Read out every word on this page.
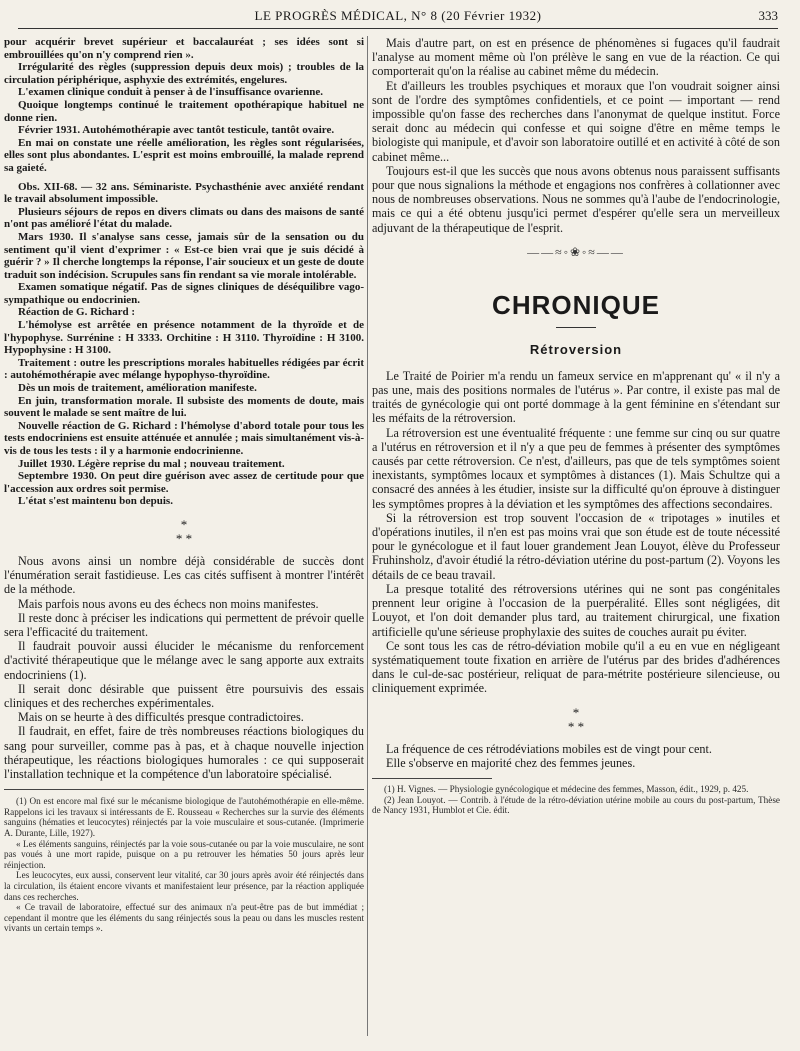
LE PROGRÈS MÉDICAL, N° 8 (20 Février 1932)	333

pour acquérir brevet supérieur et baccalauréat ; ses idées sont si embrouillées qu'on n'y comprend rien ».

Irrégularité des règles (suppression depuis deux mois) ; troubles de la circulation périphérique, asphyxie des extrémités, engelures.

L'examen clinique conduit à penser à de l'insuffisance ovarienne.

Quoique longtemps continué le traitement opothérapique habituel ne donne rien.

Février 1931. Autohémothérapie avec tantôt testicule, tantôt ovaire.

En mai on constate une réelle amélioration, les règles sont régularisées, elles sont plus abondantes. L'esprit est moins embrouillé, la malade reprend sa gaieté.

Obs. XII-68. — 32 ans. Séminariste. Psychasthénie avec anxiété rendant le travail absolument impossible.

Plusieurs séjours de repos en divers climats ou dans des maisons de santé n'ont pas amélioré l'état du malade.

Mars 1930. Il s'analyse sans cesse, jamais sûr de la sensation ou du sentiment qu'il vient d'exprimer : « Est-ce bien vrai que je suis décidé à guérir ? » Il cherche longtemps la réponse, l'air soucieux et un geste de doute traduit son indécision. Scrupules sans fin rendant sa vie morale intolérable.

Examen somatique négatif. Pas de signes cliniques de déséquilibre vago-sympathique ou endocrinien.

Réaction de G. Richard :

L'hémolyse est arrêtée en présence notamment de la thyroïde et de l'hypophyse. Surrénine : H 3333. Orchitine : H 3110. Thyroïdine : H 3100. Hypophysine : H 3100.

Traitement : outre les prescriptions morales habituelles rédigées par écrit : autohémothérapie avec mélange hypophyso-thyroïdine.

Dès un mois de traitement, amélioration manifeste.

En juin, transformation morale. Il subsiste des moments de doute, mais souvent le malade se sent maître de lui.

Nouvelle réaction de G. Richard : l'hémolyse d'abord totale pour tous les tests endocriniens est ensuite atténuée et annulée ; mais simultanément vis-à-vis de tous les tests : il y a harmonie endocrinienne.

Juillet 1930. Légère reprise du mal ; nouveau traitement.

Septembre 1930. On peut dire guérison avec assez de certitude pour que l'accession aux ordres soit permise.

L'état s'est maintenu bon depuis.

*
* *

Nous avons ainsi un nombre déjà considérable de succès dont l'énumération serait fastidieuse. Les cas cités suffisent à montrer l'intérêt de la méthode.

Mais parfois nous avons eu des échecs non moins manifestes.

Il reste donc à préciser les indications qui permettent de prévoir quelle sera l'efficacité du traitement.

Il faudrait pouvoir aussi élucider le mécanisme du renforcement d'activité thérapeutique que le mélange avec le sang apporte aux extraits endocriniens (1).

Il serait donc désirable que puissent être poursuivis des essais cliniques et des recherches expérimentales.

Mais on se heurte à des difficultés presque contradictoires.

Il faudrait, en effet, faire de très nombreuses réactions biologiques du sang pour surveiller, comme pas à pas, et à chaque nouvelle injection thérapeutique, les réactions biologiques humorales : ce qui supposerait l'installation technique et la compétence d'un laboratoire spécialisé.

(1) On est encore mal fixé sur le mécanisme biologique de l'autohémothérapie en elle-même. Rappelons ici les travaux si intéressants de E. Rousseau « Recherches sur la survie des éléments sanguins (hématies et leucocytes) réinjectés par la voie musculaire et sous-cutanée. (Imprimerie A. Durante, Lille, 1927).

« Les éléments sanguins, réinjectés par la voie sous-cutanée ou par la voie musculaire, ne sont pas voués à une mort rapide, puisque on a pu retrouver les hématies 50 jours après leur réinjection.

Les leucocytes, eux aussi, conservent leur vitalité, car 30 jours après avoir été réinjectés dans la circulation, ils étaient encore vivants et manifestaient leur présence, par la réaction appliquée dans ces recherches.

« Ce travail de laboratoire, effectué sur des animaux n'a peut-être pas de but immédiat ; cependant il montre que les éléments du sang réinjectés sous la peau ou dans les muscles restent vivants un certain temps ».

Mais d'autre part, on est en présence de phénomènes si fugaces qu'il faudrait l'analyse au moment même où l'on prélève le sang en vue de la réaction. Ce qui comporterait qu'on la réalise au cabinet même du médecin.

Et d'ailleurs les troubles psychiques et moraux que l'on voudrait soigner ainsi sont de l'ordre des symptômes confidentiels, et ce point — important — rend impossible qu'on fasse des recherches dans l'anonymat de quelque institut. Force serait donc au médecin qui confesse et qui soigne d'être en même temps le biologiste qui manipule, et d'avoir son laboratoire outillé et en activité à côté de son cabinet même...

Toujours est-il que les succès que nous avons obtenus nous paraissent suffisants pour que nous signalions la méthode et engagions nos confrères à collationner avec nous de nombreuses observations. Nous ne sommes qu'à l'aube de l'endocrinologie, mais ce qui a été obtenu jusqu'ici permet d'espérer qu'elle sera un merveilleux adjuvant de la thérapeutique de l'esprit.

——≈◦❀◦≈——
CHRONIQUE
Rétroversion

Le Traité de Poirier m'a rendu un fameux service en m'apprenant qu' « il n'y a pas une, mais des positions normales de l'utérus ». Par contre, il existe pas mal de traités de gynécologie qui ont porté dommage à la gent féminine en s'étendant sur les méfaits de la rétroversion.

La rétroversion est une éventualité fréquente : une femme sur cinq ou sur quatre a l'utérus en rétroversion et il n'y a que peu de femmes à présenter des symptômes causés par cette rétroversion. Ce n'est, d'ailleurs, pas que de tels symptômes soient inexistants, symptômes locaux et symptômes à distances (1). Mais Schultze qui a consacré des années à les étudier, insiste sur la difficulté qu'on éprouve à distinguer les symptômes propres à la déviation et les symptômes des affections secondaires.

Si la rétroversion est trop souvent l'occasion de « tripotages » inutiles et d'opérations inutiles, il n'en est pas moins vrai que son étude est de toute nécessité pour le gynécologue et il faut louer grandement Jean Louyot, élève du Professeur Fruhinsholz, d'avoir étudié la rétro-déviation utérine du post-partum (2). Voyons les détails de ce beau travail.

La presque totalité des rétroversions utérines qui ne sont pas congénitales prennent leur origine à l'occasion de la puerpéralité. Elles sont négligées, dit Louyot, et l'on doit demander plus tard, au traitement chirurgical, une fixation artificielle qu'une sérieuse prophylaxie des suites de couches aurait pu éviter.

Ce sont tous les cas de rétro-déviation mobile qu'il a eu en vue en négligeant systématiquement toute fixation en arrière de l'utérus par des brides d'adhérences dans le cul-de-sac postérieur, reliquat de para-métrite postérieure silencieuse, ou cliniquement exprimée.

*
* *

La fréquence de ces rétrodéviations mobiles est de vingt pour cent.

Elle s'observe en majorité chez des femmes jeunes.

(1) H. Vignes. — Physiologie gynécologique et médecine des femmes, Masson, édit., 1929, p. 425.

(2) Jean Louyot. — Contrib. à l'étude de la rétro-déviation utérine mobile au cours du post-partum, Thèse de Nancy 1931, Humblot et Cie. édit.
